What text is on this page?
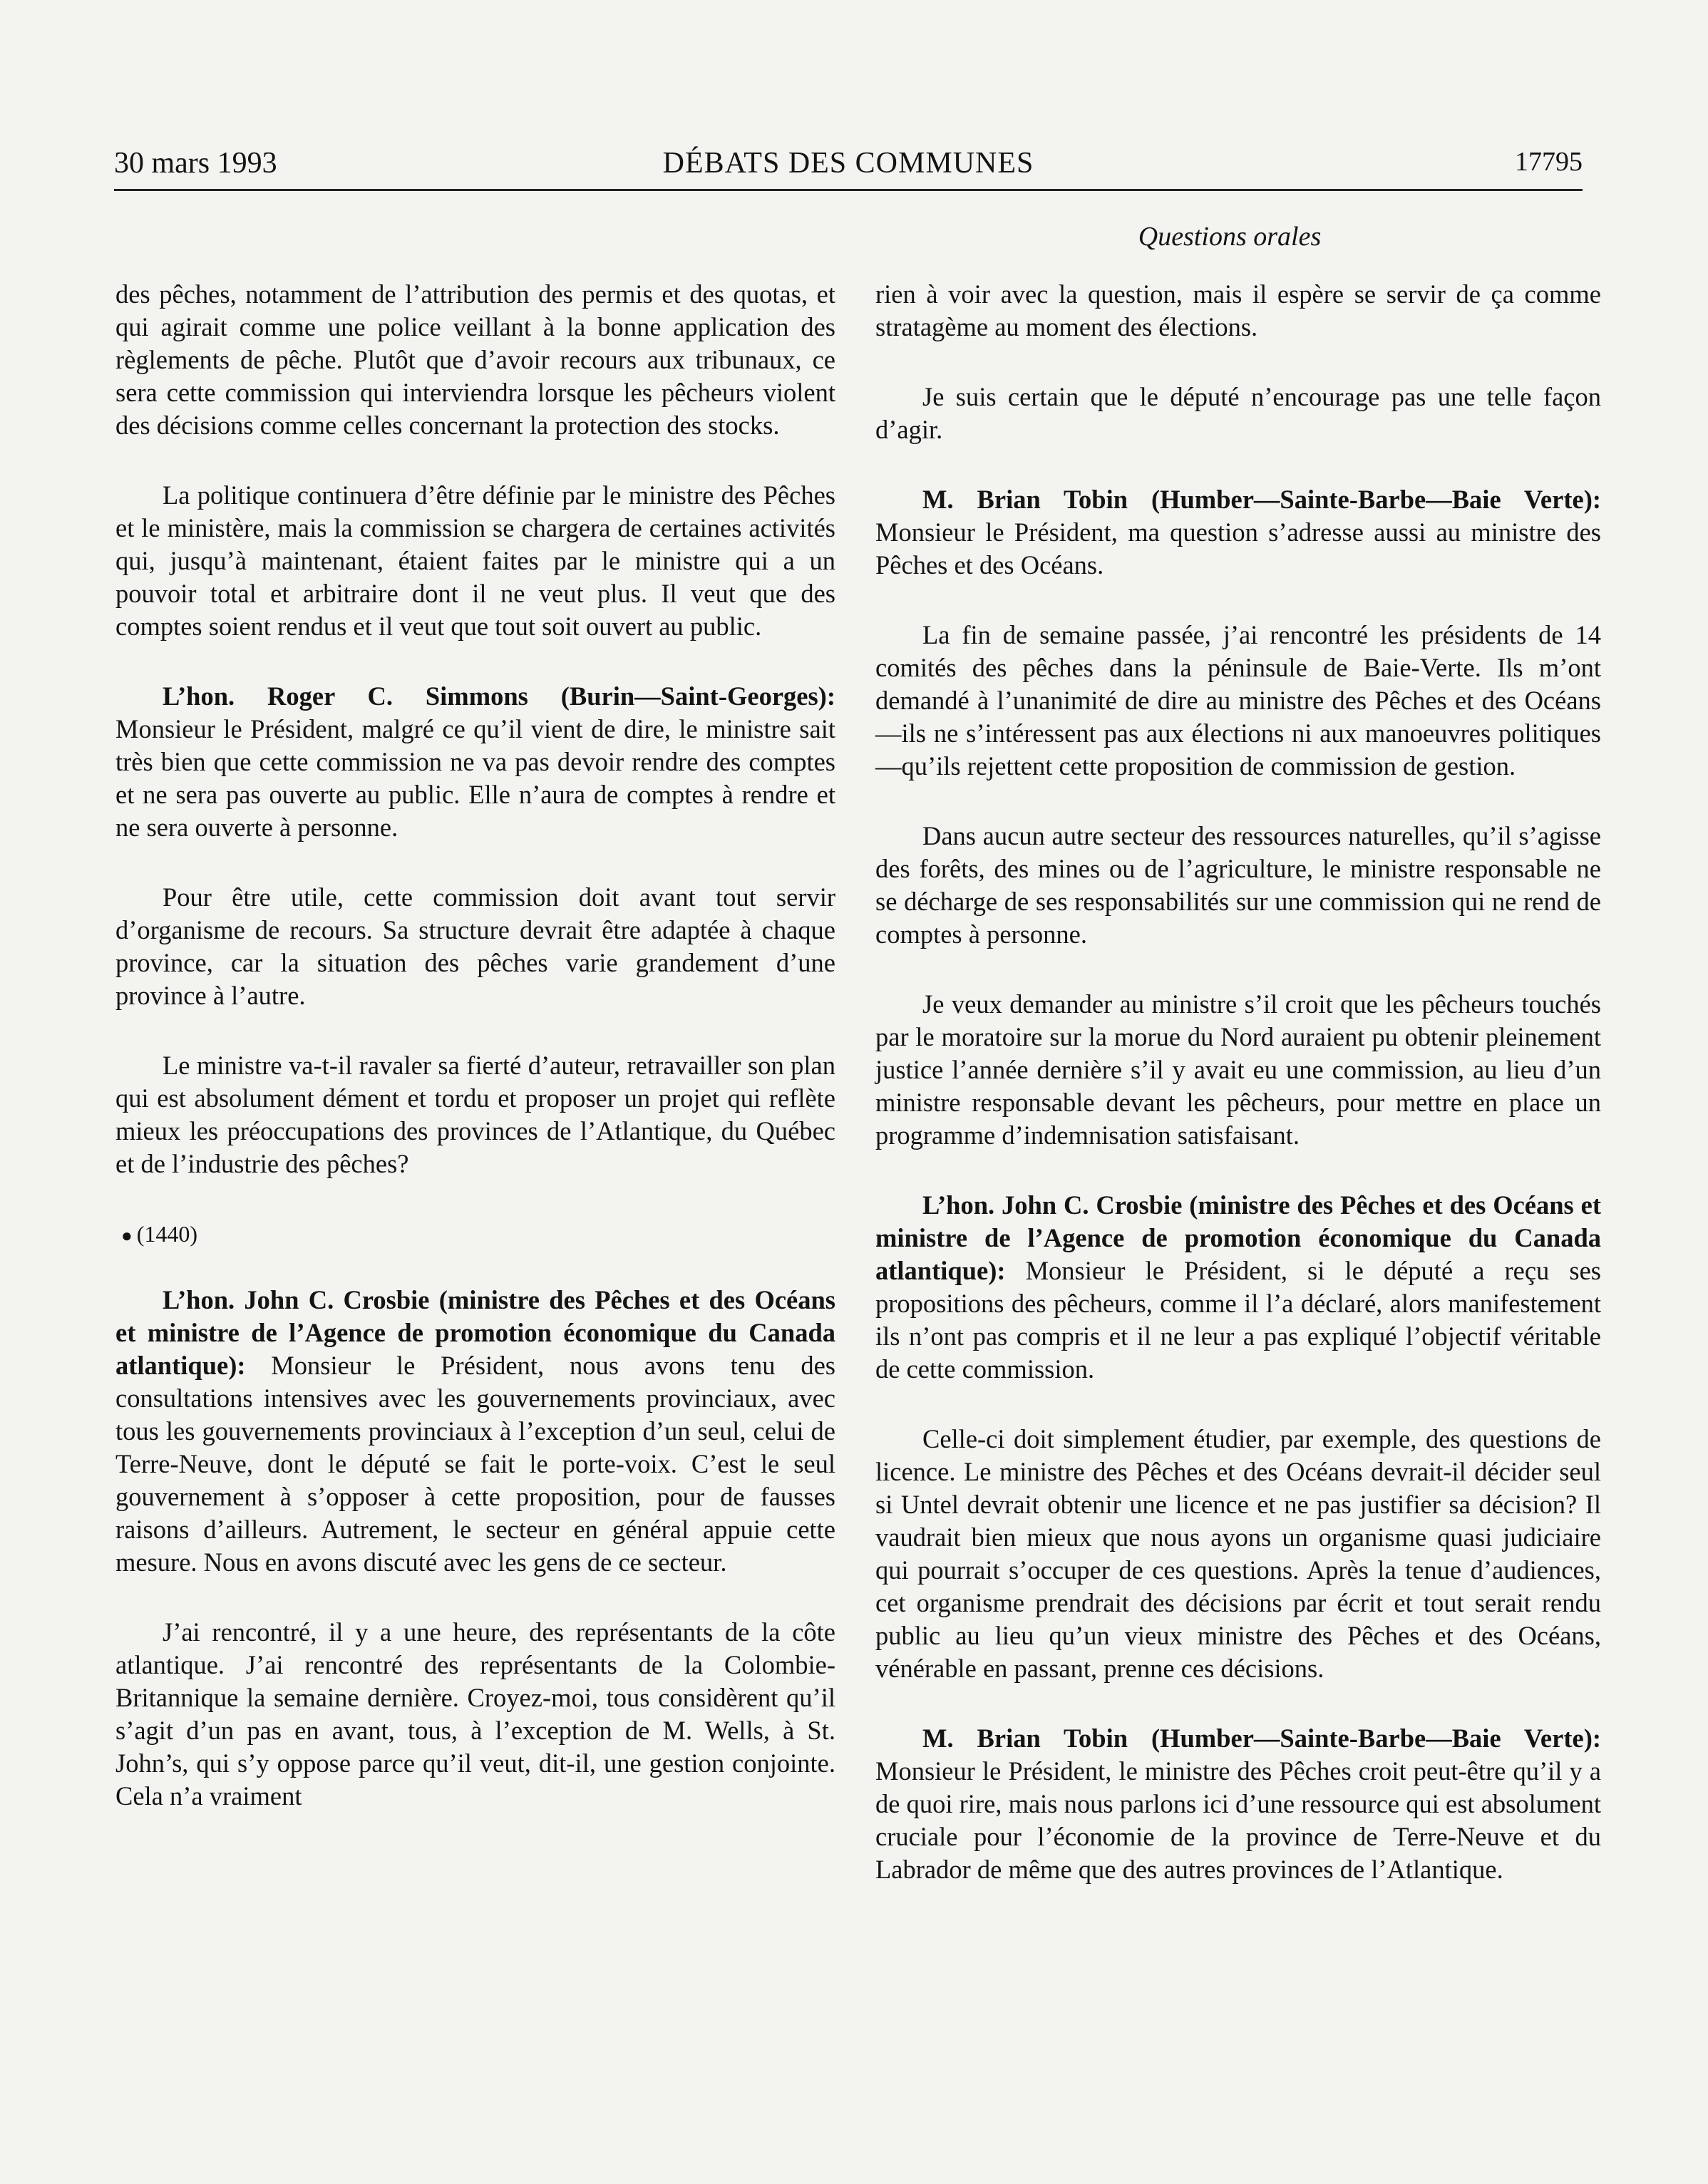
30 mars 1993	DÉBATS DES COMMUNES	17795
Questions orales

des pêches, notamment de l’attribution des permis et des quotas, et qui agirait comme une police veillant à la bonne application des règlements de pêche. Plutôt que d’avoir recours aux tribunaux, ce sera cette commission qui interviendra lorsque les pêcheurs violent des décisions comme celles concernant la protection des stocks.

La politique continuera d’être définie par le ministre des Pêches et le ministère, mais la commission se chargera de certaines activités qui, jusqu’à maintenant, étaient faites par le ministre qui a un pouvoir total et arbitraire dont il ne veut plus. Il veut que des comptes soient rendus et il veut que tout soit ouvert au public.

L’hon. Roger C. Simmons (Burin—Saint-Georges): Monsieur le Président, malgré ce qu’il vient de dire, le ministre sait très bien que cette commission ne va pas devoir rendre des comptes et ne sera pas ouverte au public. Elle n’aura de comptes à rendre et ne sera ouverte à personne.

Pour être utile, cette commission doit avant tout servir d’organisme de recours. Sa structure devrait être adaptée à chaque province, car la situation des pêches varie grandement d’une province à l’autre.

Le ministre va-t-il ravaler sa fierté d’auteur, retravailler son plan qui est absolument dément et tordu et proposer un projet qui reflète mieux les préoccupations des provinces de l’Atlantique, du Québec et de l’industrie des pêches?

● (1440)

L’hon. John C. Crosbie (ministre des Pêches et des Océans et ministre de l’Agence de promotion économique du Canada atlantique): Monsieur le Président, nous avons tenu des consultations intensives avec les gouvernements provinciaux, avec tous les gouvernements provinciaux à l’exception d’un seul, celui de Terre-Neuve, dont le député se fait le porte-voix. C’est le seul gouvernement à s’opposer à cette proposition, pour de fausses raisons d’ailleurs. Autrement, le secteur en général appuie cette mesure. Nous en avons discuté avec les gens de ce secteur.

J’ai rencontré, il y a une heure, des représentants de la côte atlantique. J’ai rencontré des représentants de la Colombie-Britannique la semaine dernière. Croyez-moi, tous considèrent qu’il s’agit d’un pas en avant, tous, à l’exception de M. Wells, à St. John’s, qui s’y oppose parce qu’il veut, dit-il, une gestion conjointe. Cela n’a vraiment

rien à voir avec la question, mais il espère se servir de ça comme stratagème au moment des élections.

Je suis certain que le député n’encourage pas une telle façon d’agir.

M. Brian Tobin (Humber—Sainte-Barbe—Baie Verte): Monsieur le Président, ma question s’adresse aussi au ministre des Pêches et des Océans.

La fin de semaine passée, j’ai rencontré les présidents de 14 comités des pêches dans la péninsule de Baie-Verte. Ils m’ont demandé à l’unanimité de dire au ministre des Pêches et des Océans—ils ne s’intéressent pas aux élections ni aux manoeuvres politiques—qu’ils rejettent cette proposition de commission de gestion.

Dans aucun autre secteur des ressources naturelles, qu’il s’agisse des forêts, des mines ou de l’agriculture, le ministre responsable ne se décharge de ses responsabilités sur une commission qui ne rend de comptes à personne.

Je veux demander au ministre s’il croit que les pêcheurs touchés par le moratoire sur la morue du Nord auraient pu obtenir pleinement justice l’année dernière s’il y avait eu une commission, au lieu d’un ministre responsable devant les pêcheurs, pour mettre en place un programme d’indemnisation satisfaisant.

L’hon. John C. Crosbie (ministre des Pêches et des Océans et ministre de l’Agence de promotion économique du Canada atlantique): Monsieur le Président, si le député a reçu ses propositions des pêcheurs, comme il l’a déclaré, alors manifestement ils n’ont pas compris et il ne leur a pas expliqué l’objectif véritable de cette commission.

Celle-ci doit simplement étudier, par exemple, des questions de licence. Le ministre des Pêches et des Océans devrait-il décider seul si Untel devrait obtenir une licence et ne pas justifier sa décision? Il vaudrait bien mieux que nous ayons un organisme quasi judiciaire qui pourrait s’occuper de ces questions. Après la tenue d’audiences, cet organisme prendrait des décisions par écrit et tout serait rendu public au lieu qu’un vieux ministre des Pêches et des Océans, vénérable en passant, prenne ces décisions.

M. Brian Tobin (Humber—Sainte-Barbe—Baie Verte): Monsieur le Président, le ministre des Pêches croit peut-être qu’il y a de quoi rire, mais nous parlons ici d’une ressource qui est absolument cruciale pour l’économie de la province de Terre-Neuve et du Labrador de même que des autres provinces de l’Atlantique.
